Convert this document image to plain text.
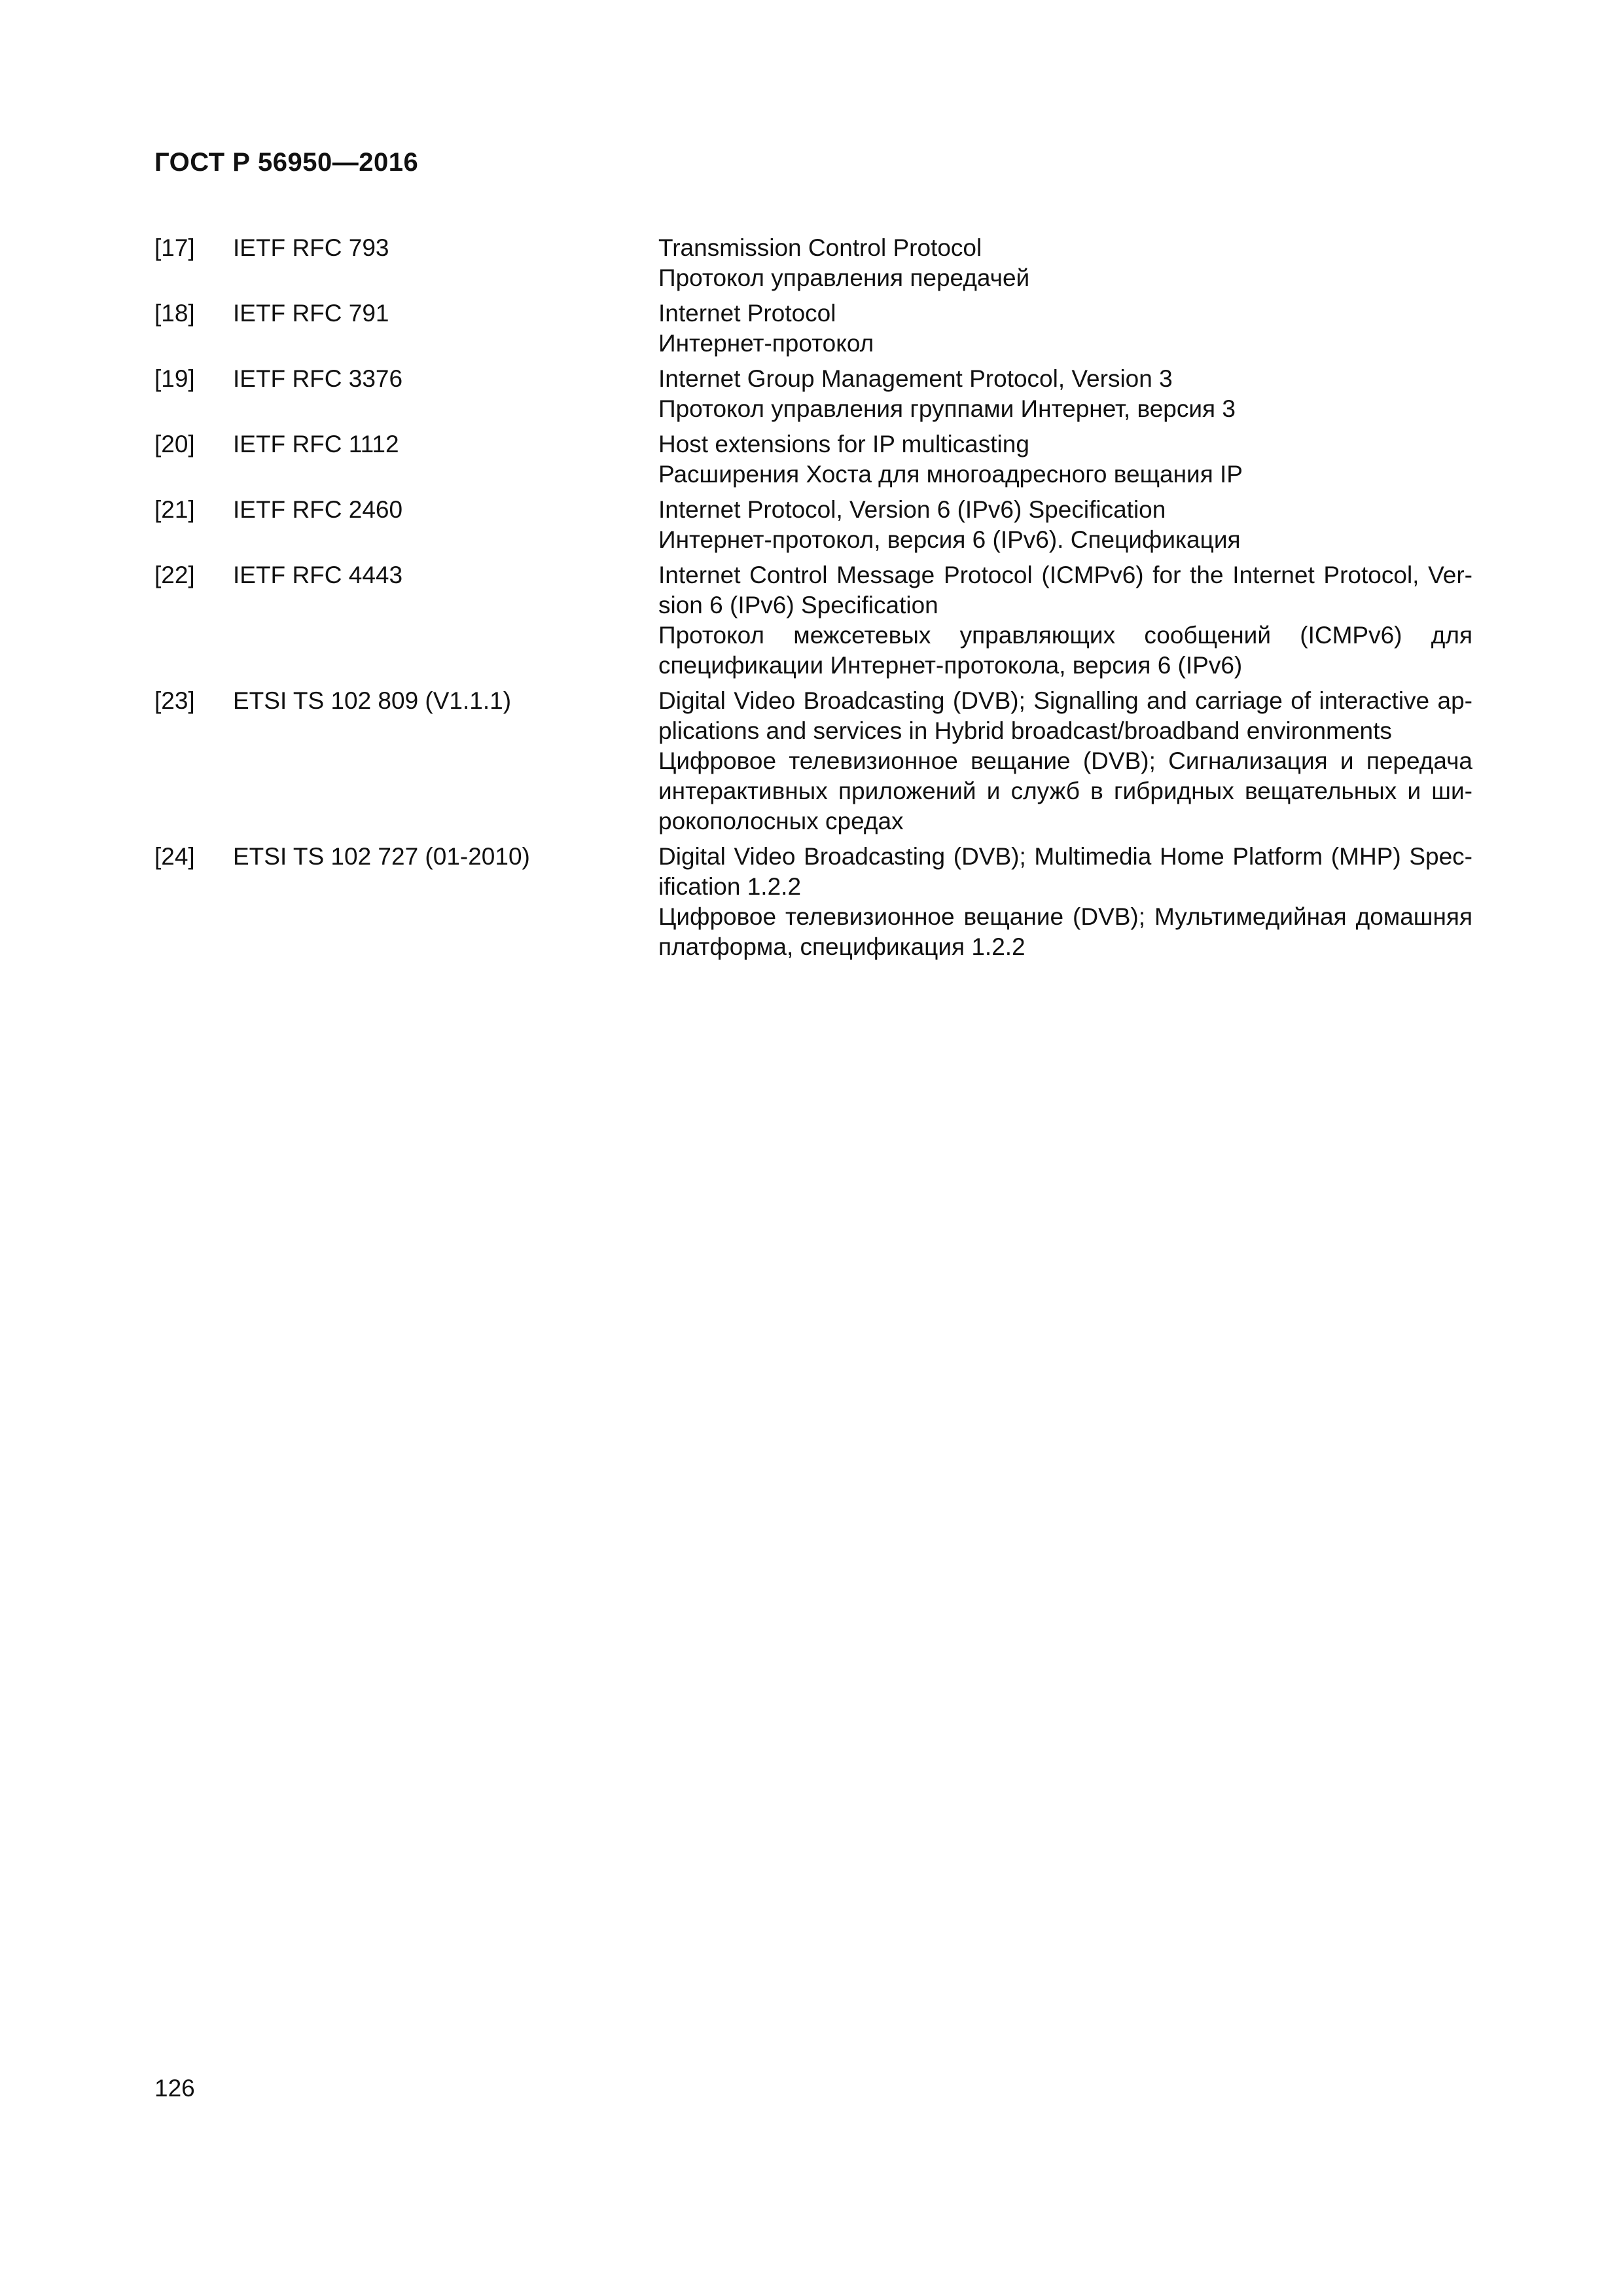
ГОСТ Р 56950—2016
[17]	IETF RFC 793	Transmission Control Protocol
Протокол управления передачей
[18]	IETF RFC 791	Internet Protocol
Интернет-протокол
[19]	IETF RFC 3376	Internet Group Management Protocol, Version 3
Протокол управления группами Интернет, версия 3
[20]	IETF RFC 1112	Host extensions for IP multicasting
Расширения Хоста для многоадресного вещания IP
[21]	IETF RFC 2460	Internet Protocol, Version 6 (IPv6) Specification
Интернет-протокол, версия 6 (IPv6). Спецификация
[22]	IETF RFC 4443	Internet Control Message Protocol (ICMPv6) for the Internet Protocol, Version 6 (IPv6) Specification
Протокол межсетевых управляющих сообщений (ICMPv6) для спецификации Интернет-протокола, версия 6 (IPv6)
[23]	ETSI TS 102 809 (V1.1.1)	Digital Video Broadcasting (DVB); Signalling and carriage of interactive applications and services in Hybrid broadcast/broadband environments
Цифровое телевизионное вещание (DVB); Сигнализация и передача интерактивных приложений и служб в гибридных вещательных и широкополосных средах
[24]	ETSI TS 102 727 (01-2010)	Digital Video Broadcasting (DVB); Multimedia Home Platform (MHP) Specification 1.2.2
Цифровое телевизионное вещание (DVB); Мультимедийная домашняя платформа, спецификация 1.2.2
126
